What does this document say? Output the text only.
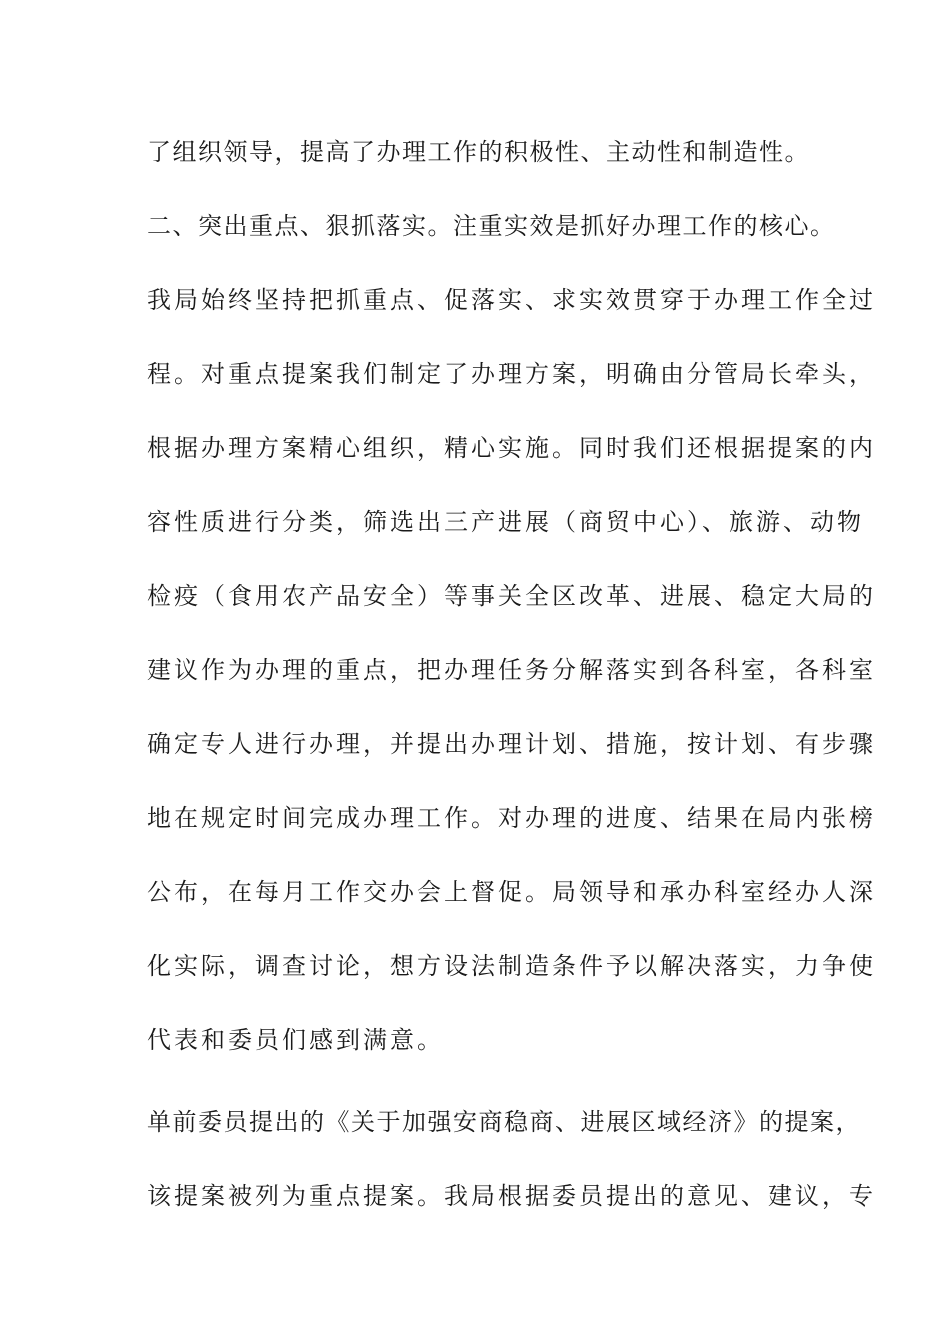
了组织领导，提高了办理工作的积极性、主动性和制造性。
二、突出重点、狠抓落实。注重实效是抓好办理工作的核心。
我局始终坚持把抓重点、促落实、求实效贯穿于办理工作全过
程。对重点提案我们制定了办理方案，明确由分管局长牵头，
根据办理方案精心组织，精心实施。同时我们还根据提案的内
容性质进行分类，筛选出三产进展（商贸中心）、旅游、动物
检疫（食用农产品安全）等事关全区改革、进展、稳定大局的
建议作为办理的重点，把办理任务分解落实到各科室，各科室
确定专人进行办理，并提出办理计划、措施，按计划、有步骤
地在规定时间完成办理工作。对办理的进度、结果在局内张榜
公布，在每月工作交办会上督促。局领导和承办科室经办人深
化实际，调查讨论，想方设法制造条件予以解决落实，力争使
代表和委员们感到满意。
单前委员提出的《关于加强安商稳商、进展区域经济》的提案，
该提案被列为重点提案。我局根据委员提出的意见、建议，专
